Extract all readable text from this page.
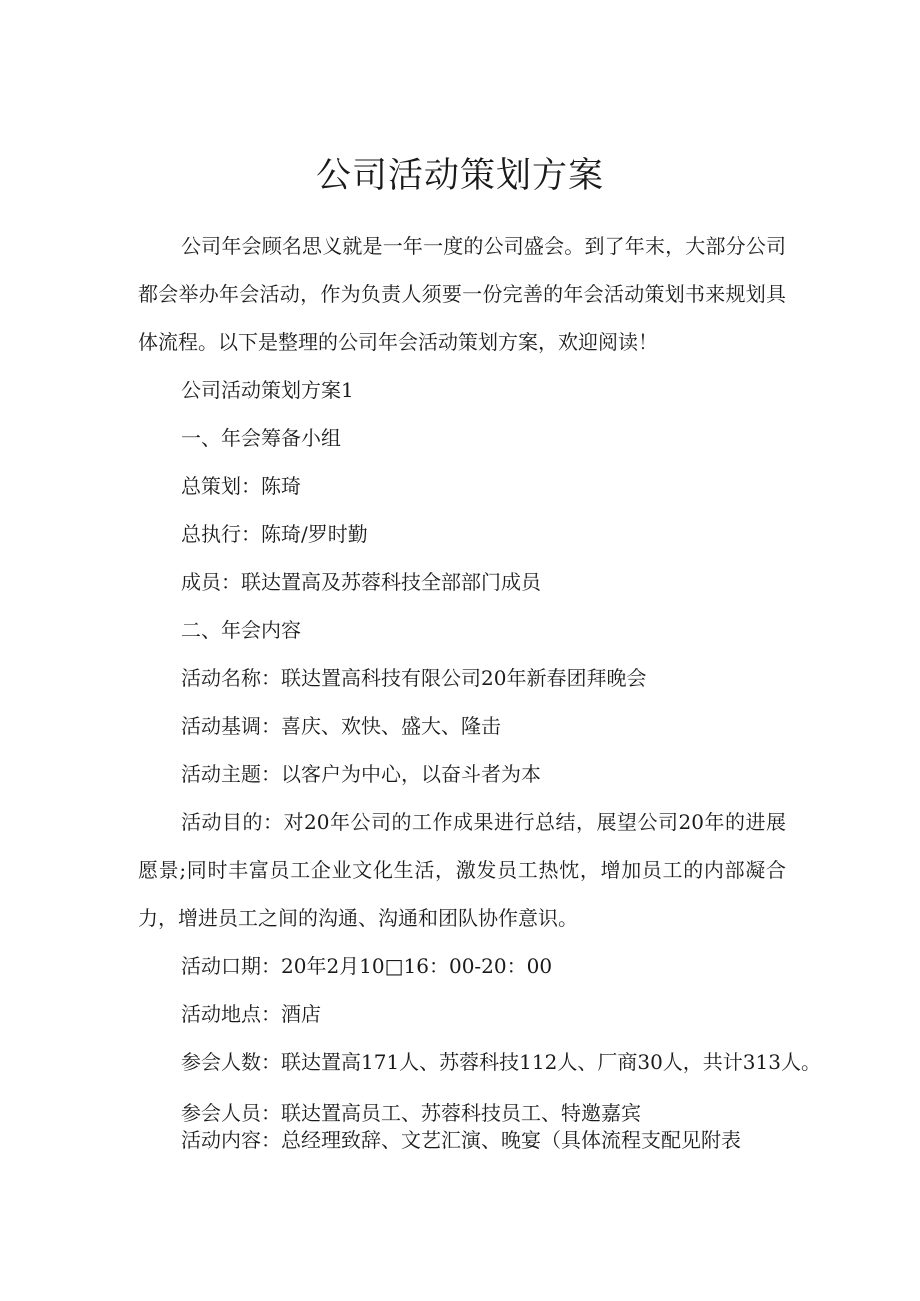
公司活动策划方案

公司年会顾名思义就是一年一度的公司盛会。到了年末，大部分公司都会举办年会活动，作为负责人须要一份完善的年会活动策划书来规划具体流程。以下是整理的公司年会活动策划方案，欢迎阅读！

公司活动策划方案1

一、年会筹备小组

总策划：陈琦

总执行：陈琦/罗时勤

成员：联达置高及苏蓉科技全部部门成员

二、年会内容

活动名称：联达置高科技有限公司20年新春团拜晚会

活动基调：喜庆、欢快、盛大、隆击

活动主题：以客户为中心，以奋斗者为本

活动目的：对20年公司的工作成果进行总结，展望公司20年的进展愿景;同时丰富员工企业文化生活，激发员工热忱，增加员工的内部凝合力，增进员工之间的沟通、沟通和团队协作意识。

活动口期：20年2月10□16：00-20：00

活动地点：酒店

参会人数：联达置高171人、苏蓉科技112人、厂商30人，共计313人。

参会人员：联达置高员工、苏蓉科技员工、特邀嘉宾

活动内容：总经理致辞、文艺汇演、晚宴（具体流程支配见附表
